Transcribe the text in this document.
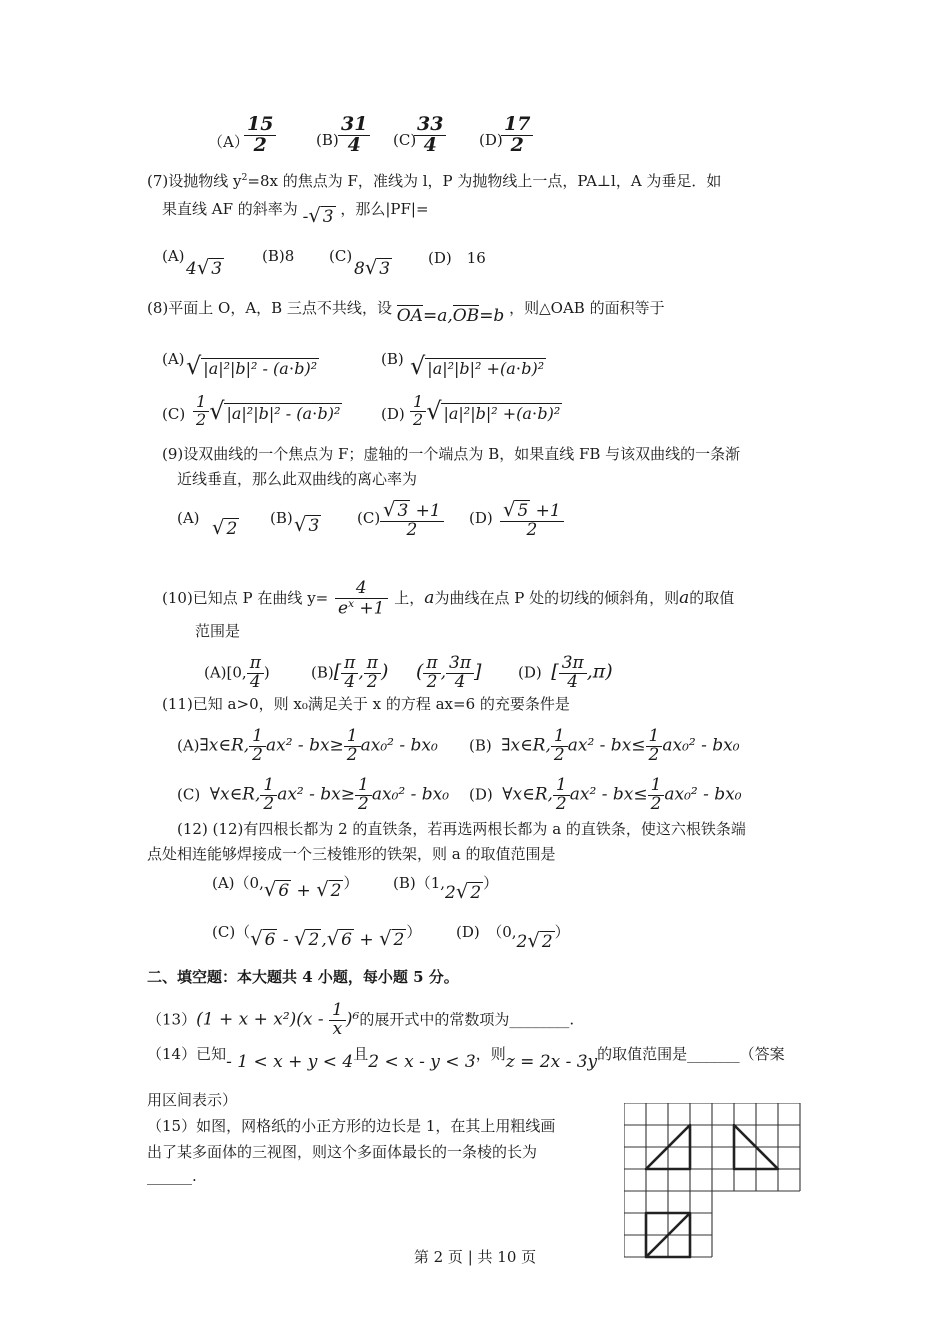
（A）
$\frac{15}{2}$	$(B) \frac{31}{4} (C)$
$\frac{33}{4} (D)$
$\frac{17}{2}$
(7)设抛物线 $y^2=8x$ 的焦点为 F，准线为 l，P 为抛物线上一点，PA⊥l，A 为垂足．如
果直线 AF 的斜率为 -√ 3 ，那么|PF|=
(A)
4√ 3
(B)8 (C)
8√ 3
(D)　16
(8)平面上 O，A，B 三点不共线，设 OA=a,OB=b ，则△OAB 的面积等于
(A) √ |a|²|b|² - (a⋅b)²	(B) √ |a|²|b|² +(a⋅b)²
$(C) \frac{1}{2}$ √ |a|²|b|² - (a⋅b)²	$(D) \frac{1}{2}$ √ |a|²|b|² +(a⋅b)²
(9)设双曲线的一个焦点为 F；虚轴的一个端点为 B，如果直线 FB 与该双曲线的一条渐
近线垂直，那么此双曲线的离心率为
(A) √ 2
(B) √ 3	$(C) \frac{√ 3 +1}{2} (D) \frac{√ 5 +1}{2}$
(10)已知点 P 在曲线 $y= \frac{4}{e^x +1}$ 上，a为曲线在点 P 处的切线的倾斜角，则a的取值
范围是
(A)[0, $\frac{\pi}{4}$ )	$(B)[ \frac{\pi}{4}$ , $\frac{\pi}{2}$ ) ( $\frac{\pi}{2}$ , $\frac{3\pi}{4}$ ] (D) [ $\frac{3\pi}{4} ,\pi$)
(11)已知 a>0，则 x₀满足关于 x 的方程 ax=6 的充要条件是
(A)∃x∈R, $\frac{1}{2} ax^2 - bx\ge \frac{1}{2} ax_0^2 - bx_0$ (B) ∃x∈R, $\frac{1}{2} ax^2 - bx\le \frac{1}{2} ax_0^2 - bx_0$
(C) ∀x∈R, $\frac{1}{2} ax^2 - bx\ge \frac{1}{2} ax_0^2 - bx_0$ (D) ∀x∈R, $\frac{1}{2} ax^2 - bx\le \frac{1}{2} ax_0^2 - bx_0$
(12) (12)有四根长都为 2 的直铁条，若再选两根长都为 a 的直铁条，使这六根铁条端
点处相连能够焊接成一个三棱锥形的铁架，则 a 的取值范围是
(A)（0,√ 6 + √ 2 ） (B)（1,2√ 2 ）
(C)（√ 6 - √ 2 ,√ 6 + √ 2 ） (D)　（0,2√ 2 ）
二、填空题：本大题共 4 小题，每小题 5 分。
$(13)(1 + x + x^2)(x - \frac{1}{x} )^6$的展开式中的常数项为________.
（14）已知- 1 < x + y < 4且2 < x - y < 3，则z = 2x - 3y的取值范围是_______（答案
用区间表示）
（15）如图，网格纸的小正方形的边长是 1，在其上用粗线画
出了某多面体的三视图，则这个多面体最长的一条棱的长为
______.
第 2 页 | 共 10 页
